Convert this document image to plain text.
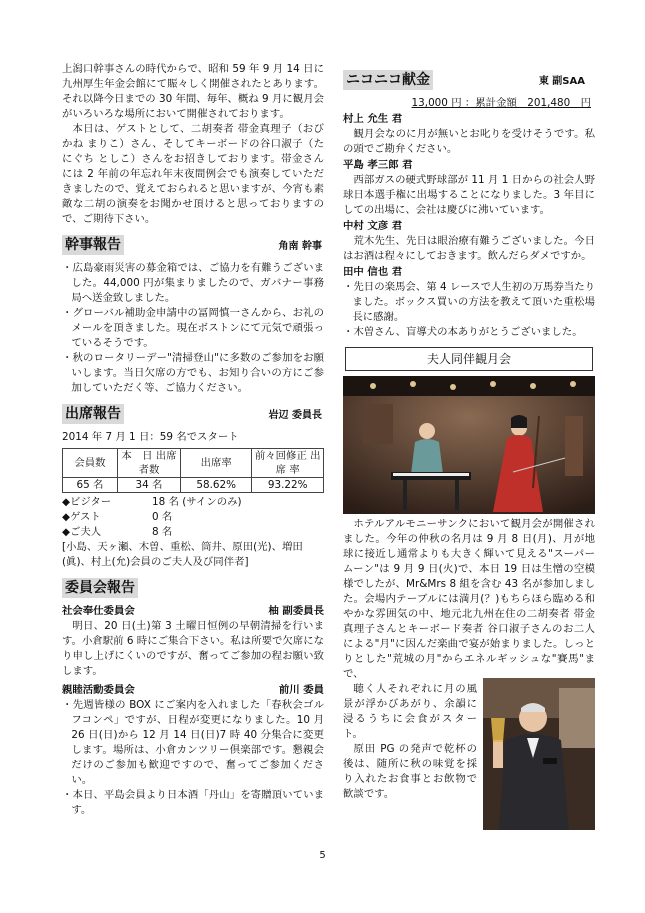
上潟口幹事さんの時代からで、昭和 59 年 9 月 14 日に九州厚生年金会館にて賑々しく開催されたとあります。それ以降今日までの 30 年間、毎年、概ね 9 月に観月会がいろいろな場所において開催されております。

本日は、ゲストとして、二胡奏者 帯金真理子（おびかね まりこ）さん、そしてキーボードの谷口淑子（たにぐち としこ）さんをお招きしております。帯金さんには 2 年前の年忘れ年末夜間例会でも演奏していただきましたので、覚えておられると思いますが、今宵も素敵な二胡の演奏をお聞かせ頂けると思っておりますので、ご期待下さい。

幹事報告	角南 幹事
・広島豪雨災害の募金箱では、ご協力を有難うございました。44,000 円が集まりましたので、ガバナー事務局へ送金致しました。
・グローバル補助金申請中の冨岡慎一さんから、お礼のメールを頂きました。現在ボストンにて元気で頑張っているそうです。
・秋のロータリーデー"清掃登山"に多数のご参加をお願いします。当日欠席の方でも、お知り合いの方にご参加していただく等、ご協力ください。
出席報告	岩辺 委員長
2014 年 7 月 1 日：59 名でスタート
会員数	本　日 出席者数	出席率	前々回修正 出 席 率
65 名	34 名	58.62%	93.22%
◆ビジター	18 名 (サインのみ)
◆ゲスト	0 名
◆ご夫人	8 名
[小島、天ヶ瀬、木曽、重松、筒井、原田(光)、増田(眞)、村上(允)会員のご夫人及び同伴者]
委員会報告
社会奉仕委員会	柚 副委員長

明日、20 日(土)第 3 土曜日恒例の早朝清掃を行います。小倉駅前 6 時にご集合下さい。私は所要で欠席になり申し上げにくいのですが、奮ってご参加の程お願い致します。

親睦活動委員会	前川 委員
・先週皆様の BOX にご案内を入れました「春秋会ゴルフコンペ」ですが、日程が変更になりました。10 月 26 日(日)から 12 月 14 日(日)7 時 40 分集合に変更します。場所は、小倉カンツリー倶楽部です。懇親会だけのご参加も歓迎ですので、奮ってご参加ください。
・本日、平島会員より日本酒「丹山」を寄贈頂いています。
ニコニコ献金	東 副SAA
13,000 円 ：累計金額　201,480　円
村上 允生 君

観月会なのに月が無いとお叱りを受けそうです。私の頭でご勘弁ください。

平島 孝三郎 君

西部ガスの硬式野球部が 11 月 1 日からの社会人野球日本選手権に出場することになりました。3 年目にしての出場に、会社は慶びに沸いています。

中村 文彦 君

荒木先生、先日は眼治療有難うございました。今日はお酒は程々にしておきます。飲んだらダメですか。

田中 信也 君
・先日の楽馬会、第 4 レースで人生初の万馬券当たりました。ボックス買いの方法を教えて頂いた重松場長に感謝。
・木曽さん、盲導犬の本ありがとうございました。
夫人同伴観月会

ホテルアルモニーサンクにおいて観月会が開催されました。今年の仲秋の名月は 9 月 8 日(月)、月が地球に接近し通常よりも大きく輝いて見える"スーパームーン"は 9 月 9 日(火)で、本日 19 日は生憎の空模様でしたが、Mr&Mrs 8 組を含む 43 名が参加しました。会場内テーブルには満月(？)もちらほら臨める和やかな雰囲気の中、地元北九州在住の二胡奏者 帯金真理子さんとキーボード奏者 谷口淑子さんのお二人による"月"に因んだ楽曲で宴が始まりました。しっとりとした"荒城の月"からエネルギッシュな"賽馬"まで、

聴く人それぞれに月の風景が浮かびあがり、余韻に浸るうちに会食がスタート。

原田 PG の発声で乾杯の後は、随所に秋の味覚を採り入れたお食事とお飲物で歓談です。

5
